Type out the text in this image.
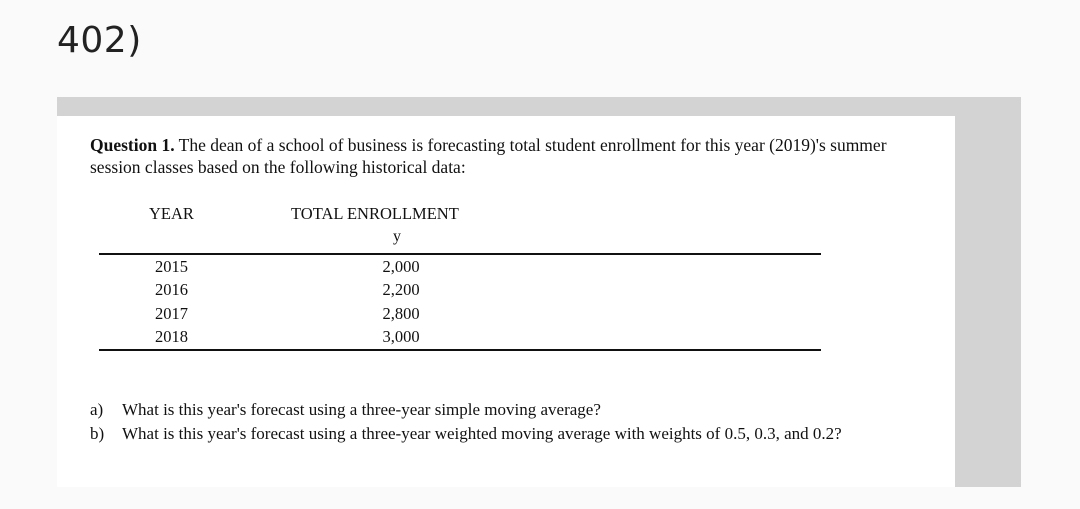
402)
Question 1. The dean of a school of business is forecasting total student enrollment for this year (2019)'s summer session classes based on the following historical data:
YEAR	TOTAL ENROLLMENT
y
2015	2,000
2016	2,200
2017	2,800
2018	3,000
a)	What is this year's forecast using a three-year simple moving average?
b)	What is this year's forecast using a three-year weighted moving average with weights of 0.5, 0.3, and 0.2?
